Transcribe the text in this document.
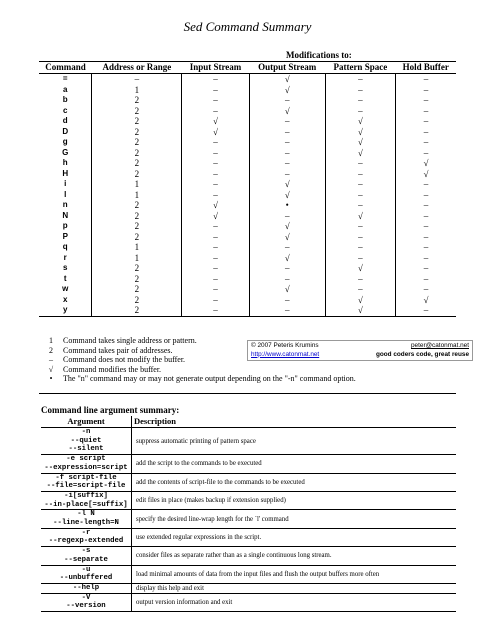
Sed Command Summary
		Modifications to:			
Command	Address or Range	Input Stream	Output Stream	Pattern Space	Hold Buffer
=	–	–	√	–	–
a	1	–	√	–	–
b	2	–	–	–	–
c	2	–	√	–	–
d	2	√	–	√	–
D	2	√	–	√	–
g	2	–	–	√	–
G	2	–	–	√	–
h	2	–	–	–	√
H	2	–	–	–	√
i	1	–	√	–	–
l	1	–	√	–	–
n	2	√	•	–	–
N	2	√	–	√	–
p	2	–	√	–	–
P	2	–	√	–	–
q	1	–	–	–	–
r	1	–	√	–	–
s	2	–	–	√	–
t	2	–	–	–	–
w	2	–	√	–	–
x	2	–	–	√	√
y	2	–	–	√	–
1	Command takes single address or pattern.
2	Command takes pair of addresses.
–	Command does not modify the buffer.
√	Command modifies the buffer.
•	The "n" command may or may not generate output depending on the "-n" command option.
© 2007 Peteris Krumins	peter@catonmat.net
http://www.catonmat.net	good coders code, great reuse
Command line argument summary:
Argument	Description

-n
--quiet
--silent	suppress automatic printing of pattern space

-e script
--expression=script	add the script to the commands to be executed

-f script-file
--file=script-file	add the contents of script-file to the commands to be executed

-i[suffix]
--in-place[=suffix]	edit files in place (makes backup if extension supplied)

-l N
--line-length=N	specify the desired line-wrap length for the `l' command

-r
--regexp-extended	use extended regular expressions in the script.

-s
--separate	consider files as separate rather than as a single continuous long stream.

-u
--unbuffered	load minimal amounts of data from the input files and flush the output buffers more often

--help	display this help and exit

-V
--version	output version information and exit
